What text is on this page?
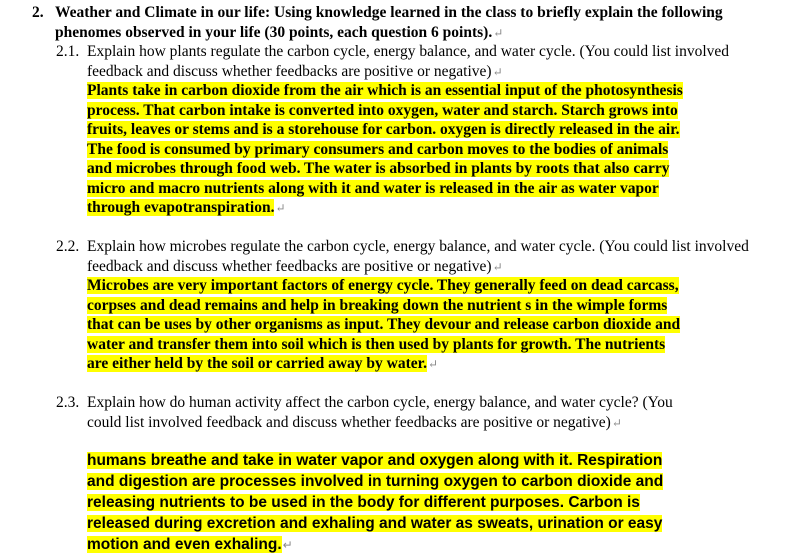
2. Weather and Climate in our life: Using knowledge learned in the class to briefly explain the following phenomes observed in your life (30 points, each question 6 points).↵
2.1. Explain how plants regulate the carbon cycle, energy balance, and water cycle. (You could list involved feedback and discuss whether feedbacks are positive or negative)↵
Plants take in carbon dioxide from the air which is an essential input of the photosynthesis process. That carbon intake is converted into oxygen, water and starch. Starch grows into fruits, leaves or stems and is a storehouse for carbon. oxygen is directly released in the air. The food is consumed by primary consumers and carbon moves to the bodies of animals and microbes through food web. The water is absorbed in plants by roots that also carry micro and macro nutrients along with it and water is released in the air as water vapor through evapotranspiration.↵
2.2. Explain how microbes regulate the carbon cycle, energy balance, and water cycle. (You could list involved feedback and discuss whether feedbacks are positive or negative)↵
Microbes are very important factors of energy cycle. They generally feed on dead carcass, corpses and dead remains and help in breaking down the nutrient s in the wimple forms that can be uses by other organisms as input. They devour and release carbon dioxide and water and transfer them into soil which is then used by plants for growth. The nutrients are either held by the soil or carried away by water.↵
2.3. Explain how do human activity affect the carbon cycle, energy balance, and water cycle? (You could list involved feedback and discuss whether feedbacks are positive or negative)↵
humans breathe and take in water vapor and oxygen along with it. Respiration and digestion are processes involved in turning oxygen to carbon dioxide and releasing nutrients to be used in the body for different purposes. Carbon is released during excretion and exhaling and water as sweats, urination or easy motion and even exhaling.↵
